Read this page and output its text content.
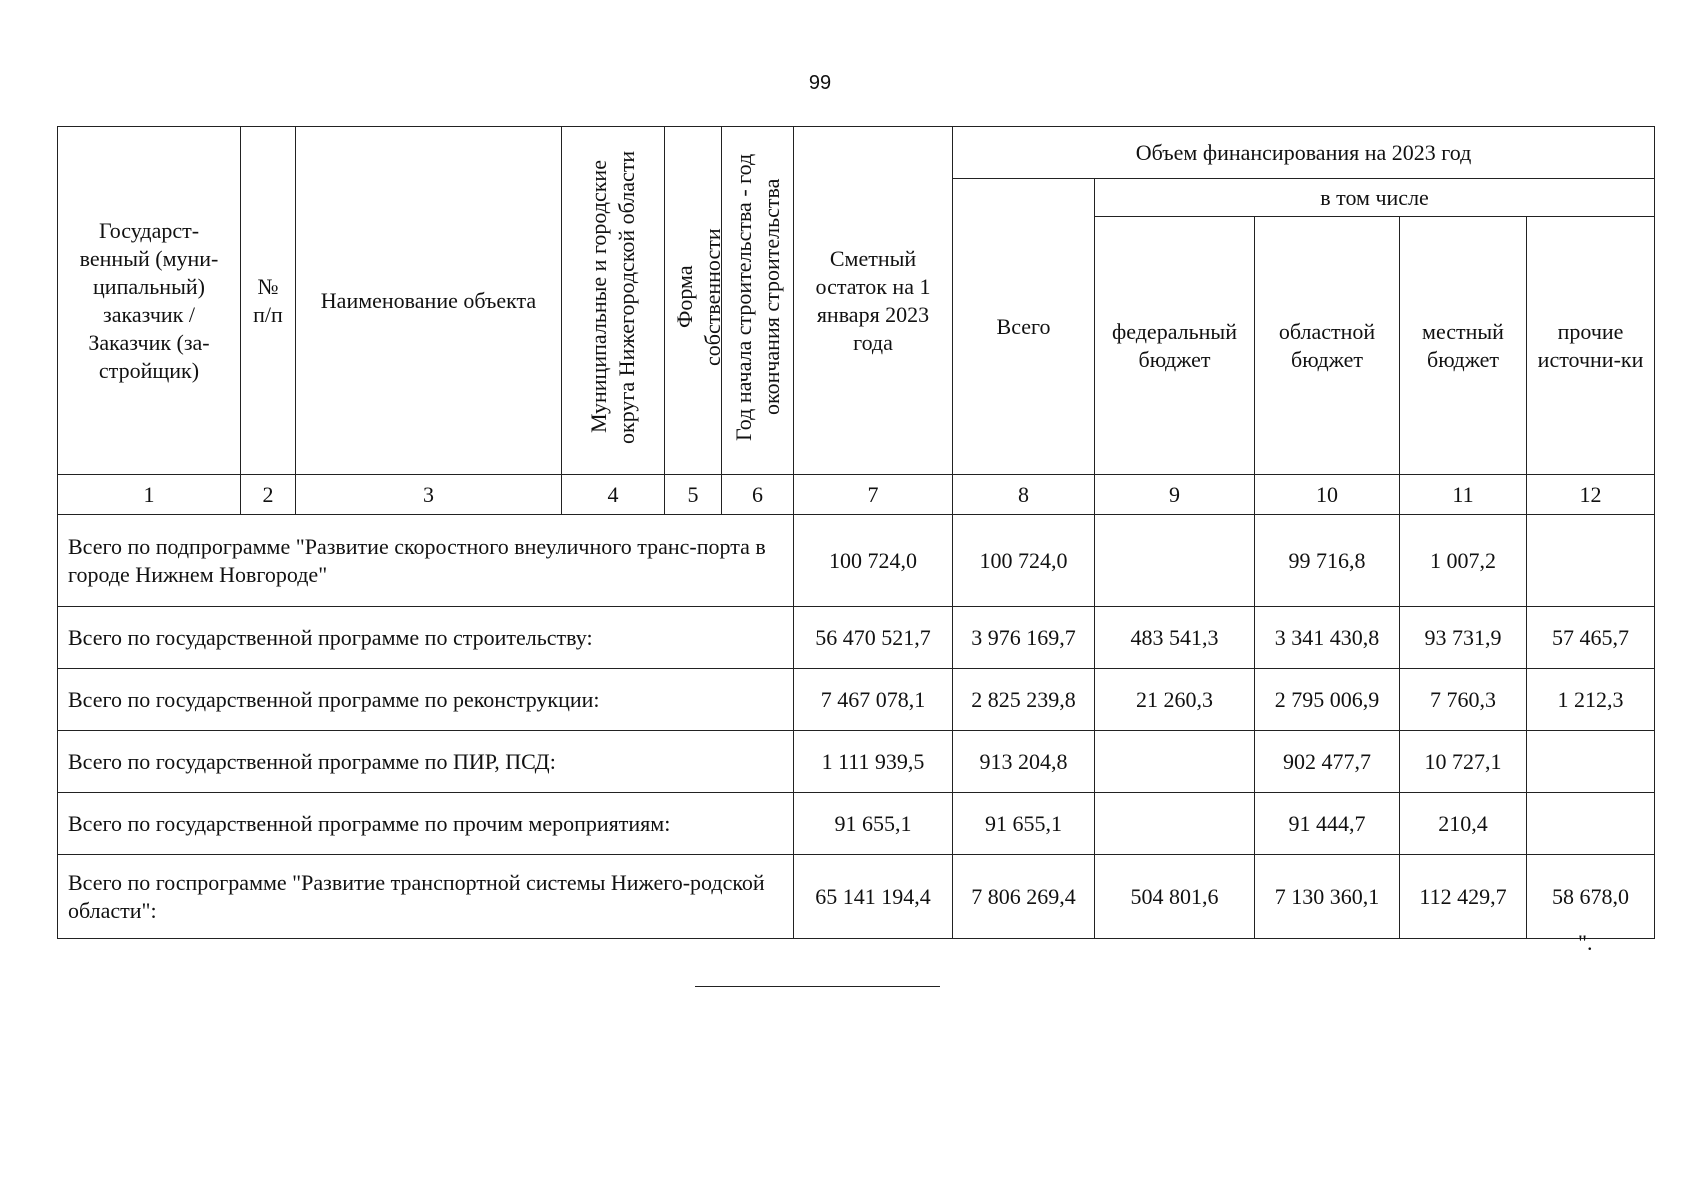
99
Государст-венный (муни-ципальный) заказчик / Заказчик (за-стройщик)	№ п/п	Наименование объекта	Муниципальные и городские округа Нижегородской области	Форма собственности	Год начала строительства - год окончания строительства	Сметный остаток на 1 января 2023 года	Объем финансирования на 2023 год				
							Всего	в том числе			
								федеральный бюджет	областной бюджет	местный бюджет	прочие источни-ки
1	2	3	4	5	6	7	8	9	10	11	12
Всего по подпрограмме "Развитие скоростного внеуличного транс-порта в городе Нижнем Новгороде"						100 724,0	100 724,0		99 716,8	1 007,2	
Всего по государственной программе по строительству:						56 470 521,7	3 976 169,7	483 541,3	3 341 430,8	93 731,9	57 465,7
Всего по государственной программе по реконструкции:						7 467 078,1	2 825 239,8	21 260,3	2 795 006,9	7 760,3	1 212,3
Всего по государственной программе по ПИР, ПСД:						1 111 939,5	913 204,8		902 477,7	10 727,1	
Всего по государственной программе по прочим мероприятиям:						91 655,1	91 655,1		91 444,7	210,4	
Всего по госпрограмме "Развитие транспортной системы Нижего-родской области":						65 141 194,4	7 806 269,4	504 801,6	7 130 360,1	112 429,7	58 678,0
".
